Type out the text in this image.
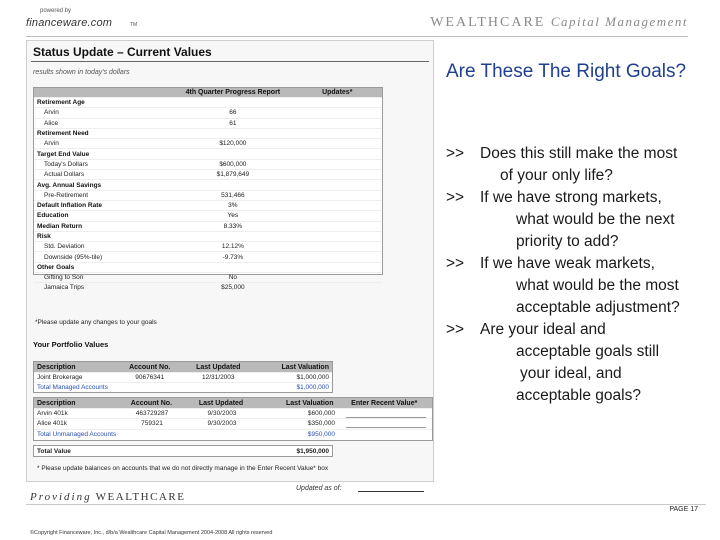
powered by
financeware.com	TM	WEALTHCARE Capital Management
Status Update – Current Values
results shown in today's dollars
4th Quarter Progress Report	Updates*
Retirement Age
Arvin	66
Alice	61
Retirement Need
Arvin	$120,000
Target End Value
Today's Dollars	$600,000
Actual Dollars	$1,879,649
Avg. Annual Savings
Pre-Retirement	531,466
Default Inflation Rate	3%
Education	Yes
Median Return	8.33%
Risk
Std. Deviation	12.12%
Downside (95%-tile)	-9.73%
Other Goals
Gifting to Son	No
Jamaica Trips	$25,000
*Please update any changes to your goals
Your Portfolio Values
Description	Account No.	Last Updated	Last Valuation
Joint Brokerage	90676341	12/31/2003	$1,000,000
Total Managed Accounts	$1,000,000
Description	Account No.	Last Updated	Last Valuation	Enter Recent Value*
Arvin 401k	463729287	9/30/2003	$600,000
Alice 401k	759321	9/30/2003	$350,000
Total Unmanaged Accounts	$950,000
Total Value	$1,950,000
* Please update balances on accounts that we do not directly manage in the Enter Recent Value* box
Updated as of:
Are These The Right Goals?
>> Does this still make the most
of your only life?
>> If we have strong markets,
what would be the next
priority to add?
>> If we have weak markets,
what would be the most
acceptable adjustment?
>> Are your ideal and
acceptable goals still
your ideal, and
acceptable goals?
Providing WEALTHCARE
PAGE 17
©Copyright Financeware, Inc., d/b/a Wealthcare Capital Management 2004-2008 All rights reserved
